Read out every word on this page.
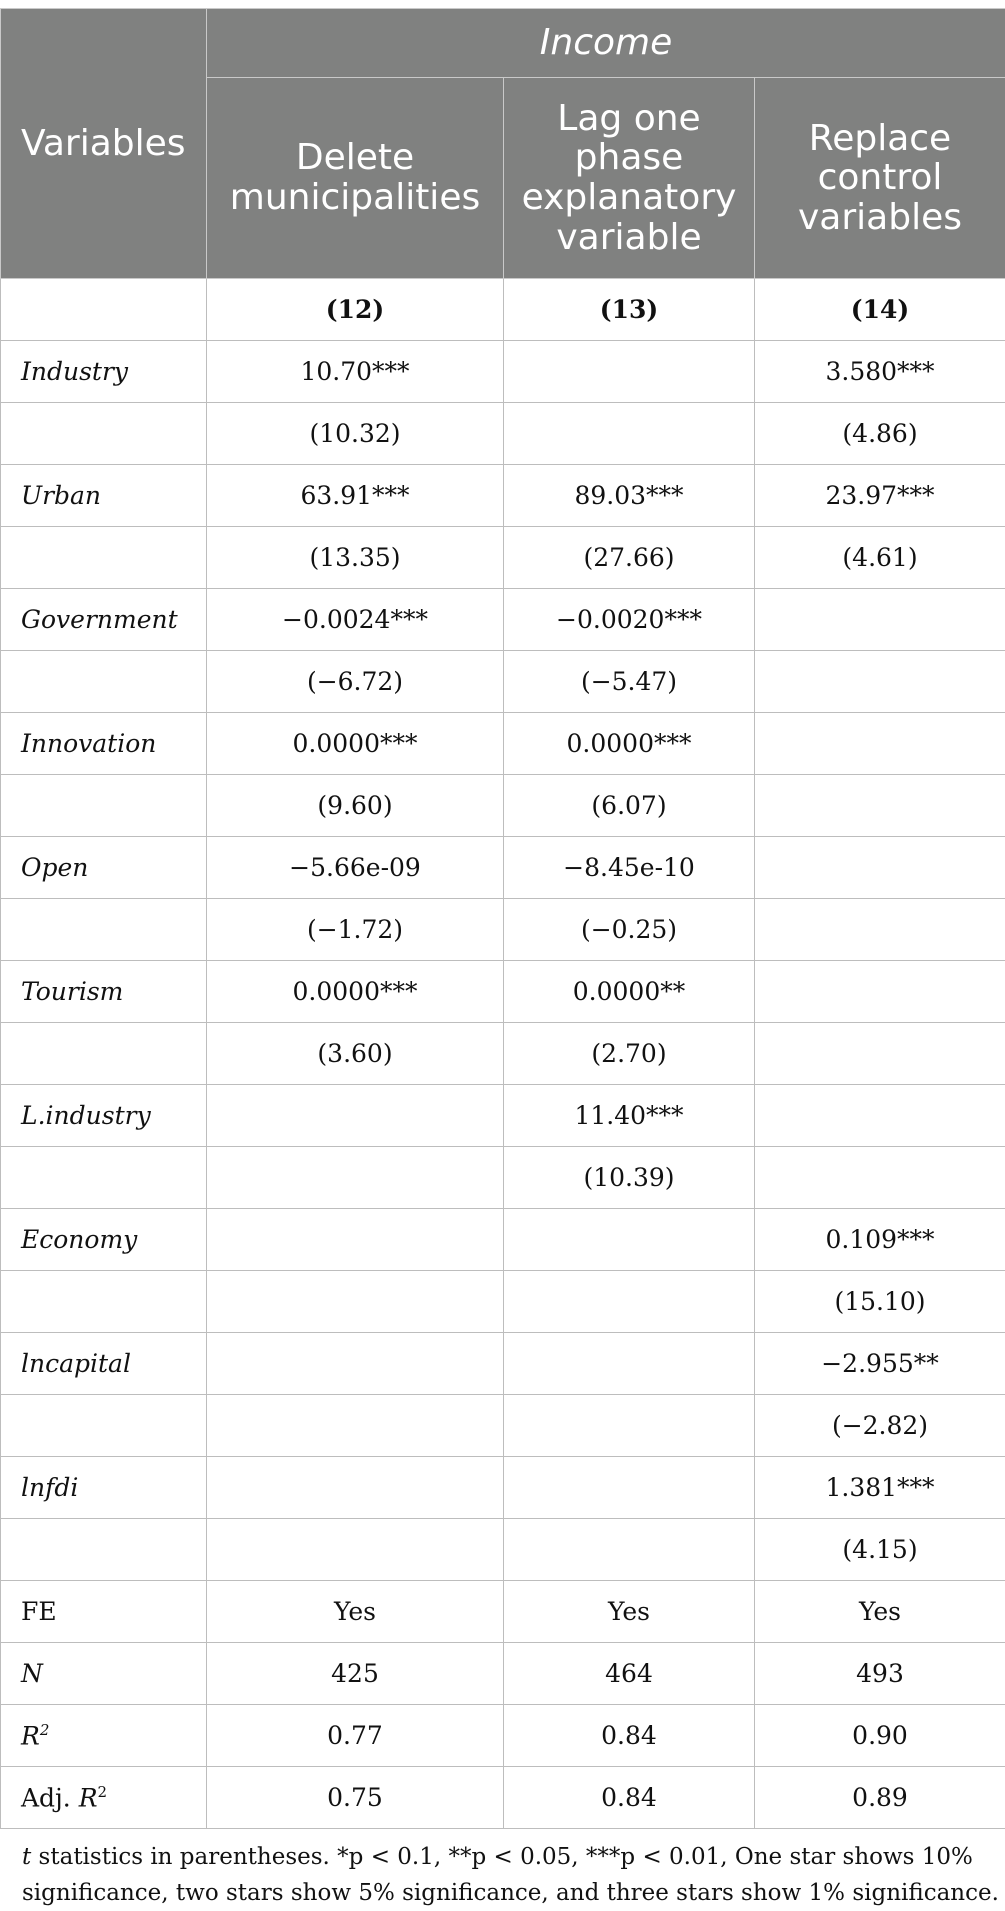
Variables	Income		
	Delete municipalities	Lag one phase explanatory variable	Replace control variables
	(12)	(13)	(14)
Industry	10.70***		3.580***
	(10.32)		(4.86)
Urban	63.91***	89.03***	23.97***
	(13.35)	(27.66)	(4.61)
Government	−0.0024***	−0.0020***	
	(−6.72)	(−5.47)	
Innovation	0.0000***	0.0000***	
	(9.60)	(6.07)	
Open	−5.66e-09	−8.45e-10	
	(−1.72)	(−0.25)	
Tourism	0.0000***	0.0000**	
	(3.60)	(2.70)	
L.industry		11.40***	
		(10.39)	
Economy			0.109***
			(15.10)
lncapital			−2.955**
			(−2.82)
lnfdi			1.381***
			(4.15)
FE	Yes	Yes	Yes
N	425	464	493
$R^2$	0.77	0.84	0.90
Adj. $R^2$	0.75	0.84	0.89
t statistics in parentheses. *p < 0.1, **p < 0.05, ***p < 0.01, One star shows 10% significance, two stars show 5% significance, and three stars show 1% significance.
